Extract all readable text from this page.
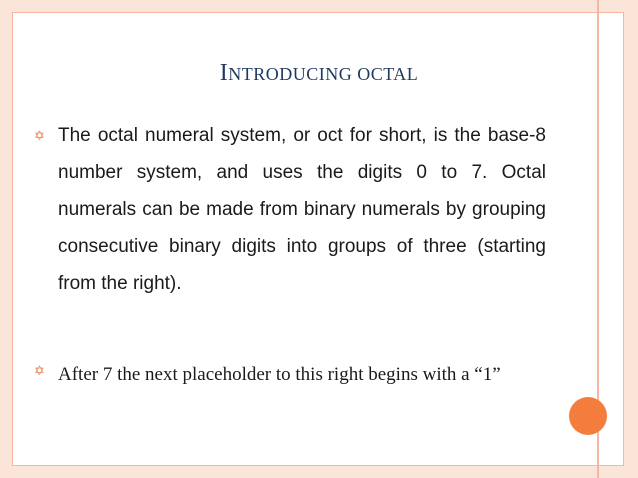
INTRODUCING OCTAL
✡ The octal numeral system, or oct for short, is the base-8 number system, and uses the digits 0 to 7. Octal numerals can be made from binary numerals by grouping consecutive binary digits into groups of three (starting from the right).
✡ After 7 the next placeholder to this right begins with a “1”
